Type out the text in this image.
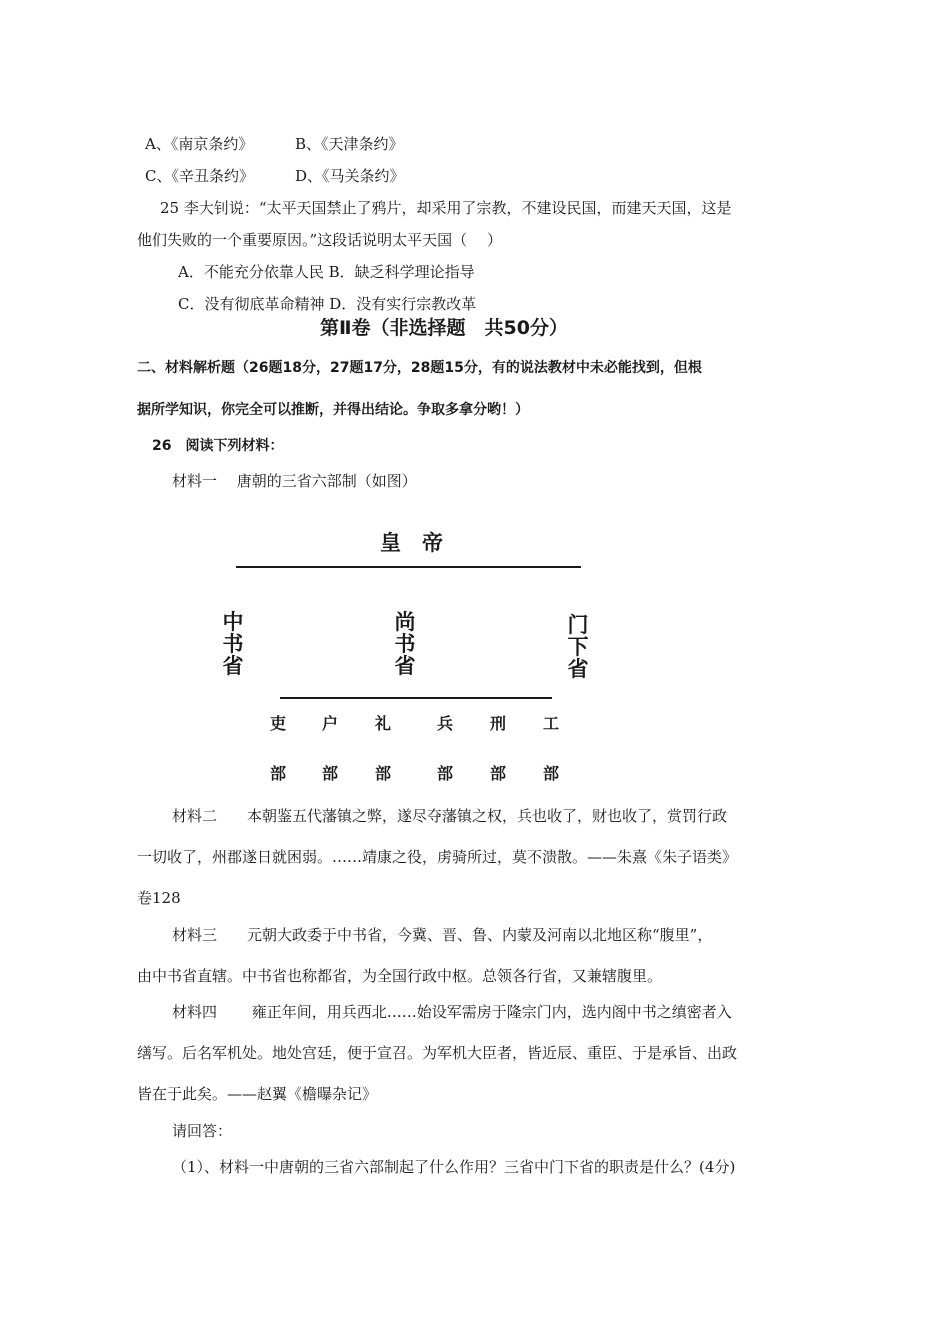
A、《南京条约》	B、《天津条约》
C、《辛丑条约》	D、《马关条约》
25 李大钊说：“太平天国禁止了鸦片，却采用了宗教，不建设民国，而建天天国，这是
他们失败的一个重要原因。”这段话说明太平天国（　 ）
A．不能充分依靠人民 B．缺乏科学理论指导
C．没有彻底革命精神 D．没有实行宗教改革
第Ⅱ卷（非选择题　共50分）
二、材料解析题（26题18分，27题17分，28题15分，有的说法教材中未必能找到，但根
据所学知识，你完全可以推断，并得出结论。争取多拿分哟！）
26　阅读下列材料：
材料一　 唐朝的三省六部制（如图）
皇　帝
中
书
省
尚
书
省
门
下
省
吏 户 礼	兵 刑 工
部 部 部	部 部 部
材料二　　本朝鉴五代藩镇之弊，遂尽夺藩镇之权，兵也收了，财也收了，赏罚行政
一切收了，州郡遂日就困弱。……靖康之役，虏骑所过，莫不溃散。——朱熹《朱子语类》
卷128
材料三　　元朝大政委于中书省，今冀、晋、鲁、内蒙及河南以北地区称“腹里”，
由中书省直辖。中书省也称都省，为全国行政中枢。总领各行省，又兼辖腹里。
材料四　　 雍正年间，用兵西北……始设军需房于隆宗门内，选内阁中书之缜密者入
缮写。后名军机处。地处宫廷，便于宣召。为军机大臣者，皆近辰、重臣、于是承旨、出政
皆在于此矣。——赵翼《檐曝杂记》
请回答：
（1）、材料一中唐朝的三省六部制起了什么作用？三省中门下省的职责是什么？(4分)
